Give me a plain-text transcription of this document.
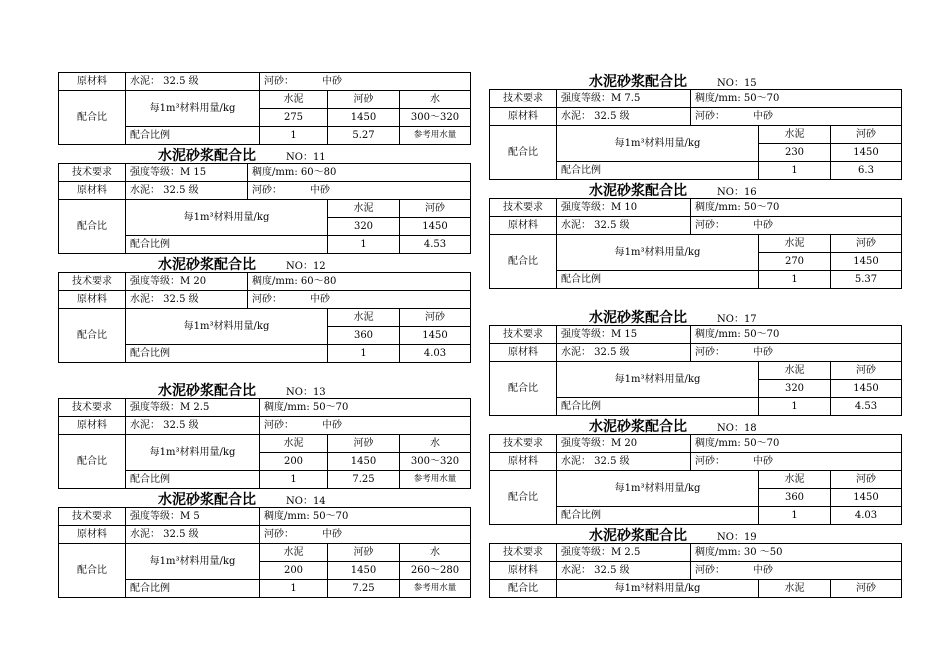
原材料	水泥： 32.5 级	河砂： 中砂		
配合比	每1m³材料用量/kg	水泥	河砂	水
		275	1450	300～320
	配合比例	1	5.27	参考用水量
水泥砂浆配合比	NO：11
技术要求	强度等级：M 15	稠度/mm: 60～80			
原材料	水泥： 32.5 级	河砂： 中砂			
配合比	每1m³材料用量/kg		水泥	河砂	
			320	1450	
	配合比例		1	4.53	
水泥砂浆配合比	NO：12
技术要求	强度等级：M 20	稠度/mm: 60～80			
原材料	水泥： 32.5 级	河砂： 中砂			
配合比	每1m³材料用量/kg		水泥	河砂	
			360	1450	
	配合比例		1	4.03	
水泥砂浆配合比	NO：13
技术要求	强度等级：M 2.5	稠度/mm: 50～70		
原材料	水泥： 32.5 级	河砂： 中砂		
配合比	每1m³材料用量/kg	水泥	河砂	水
		200	1450	300～320
	配合比例	1	7.25	参考用水量
水泥砂浆配合比	NO：14
技术要求	强度等级：M 5	稠度/mm: 50～70		
原材料	水泥： 32.5 级	河砂： 中砂		
配合比	每1m³材料用量/kg	水泥	河砂	水
		200	1450	260～280
	配合比例	1	7.25	参考用水量
水泥砂浆配合比	NO：15
技术要求	强度等级：M 7.5	稠度/mm: 50～70			
原材料	水泥： 32.5 级	河砂： 中砂			
配合比	每1m³材料用量/kg		水泥	河砂	
			230	1450	
	配合比例		1	6.3	
水泥砂浆配合比	NO：16
技术要求	强度等级：M 10	稠度/mm: 50～70			
原材料	水泥： 32.5 级	河砂： 中砂			
配合比	每1m³材料用量/kg		水泥	河砂	
			270	1450	
	配合比例		1	5.37	
水泥砂浆配合比	NO：17
技术要求	强度等级：M 15	稠度/mm: 50～70			
原材料	水泥： 32.5 级	河砂： 中砂			
配合比	每1m³材料用量/kg		水泥	河砂	
			320	1450	
	配合比例		1	4.53	
水泥砂浆配合比	NO：18
技术要求	强度等级：M 20	稠度/mm: 50～70			
原材料	水泥： 32.5 级	河砂： 中砂			
配合比	每1m³材料用量/kg		水泥	河砂	
			360	1450	
	配合比例		1	4.03	
水泥砂浆配合比	NO：19
技术要求	强度等级：M 2.5	稠度/mm: 30 ～50			
原材料	水泥： 32.5 级	河砂： 中砂			
配合比	每1m³材料用量/kg		水泥	河砂	
